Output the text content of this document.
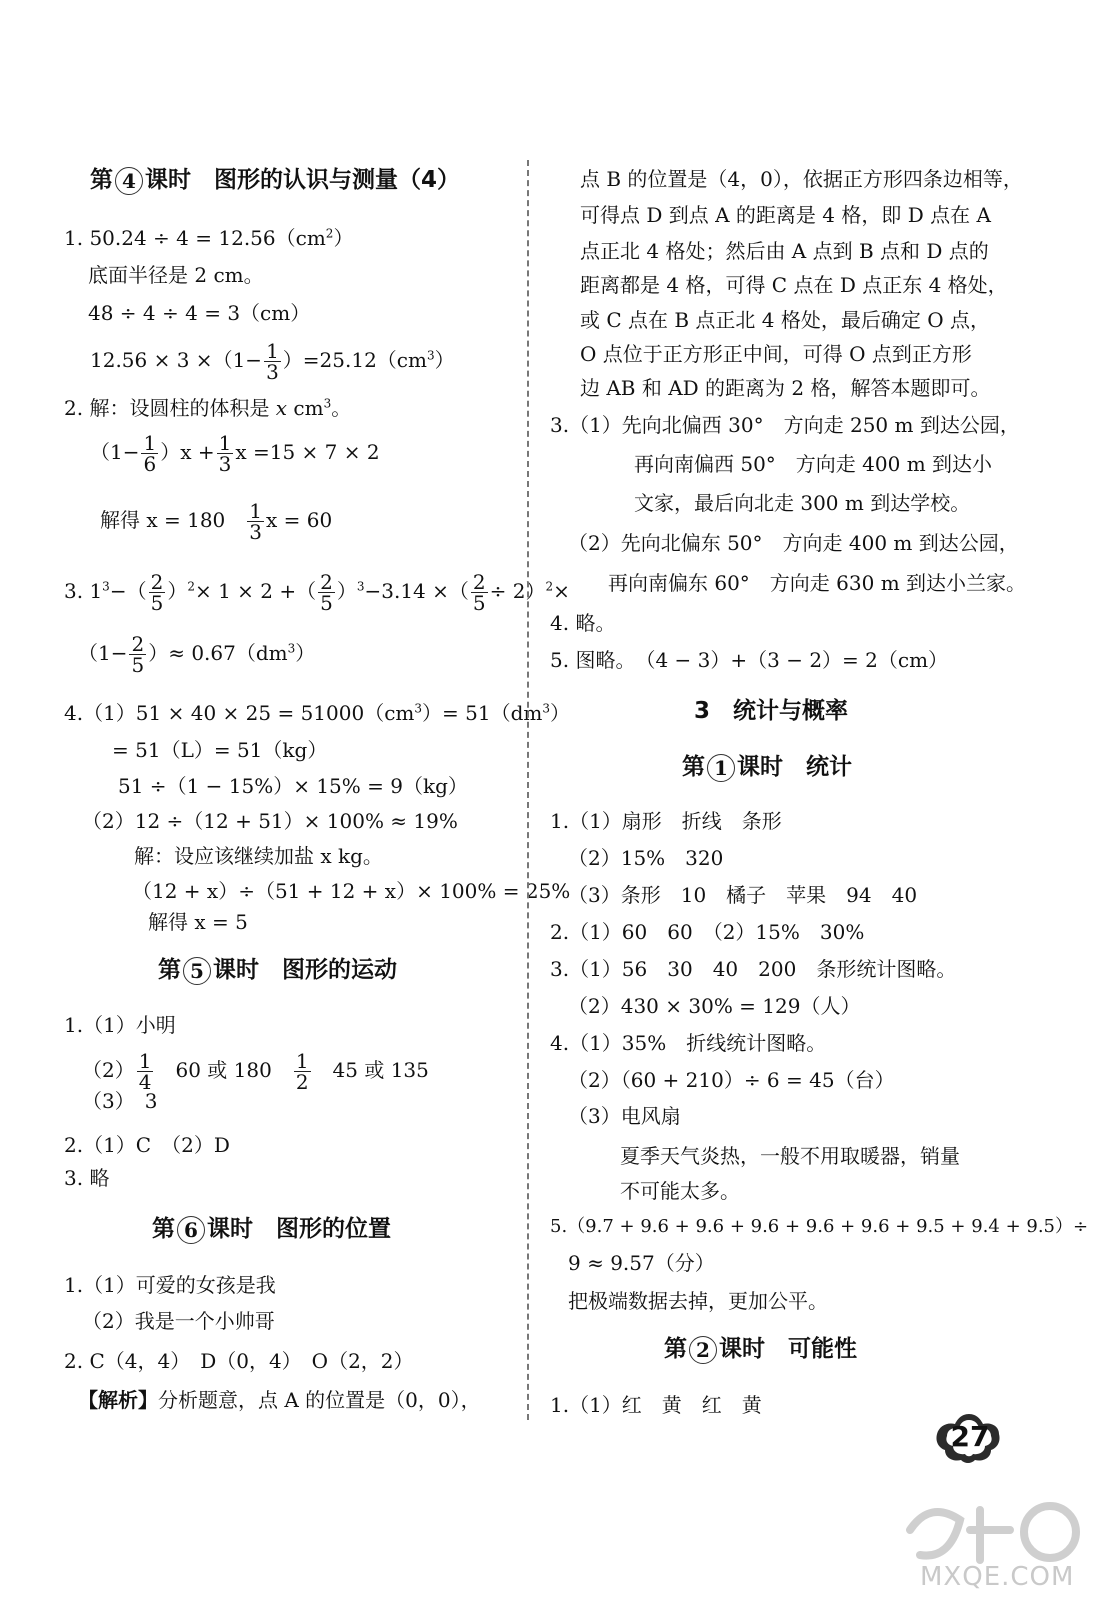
第 4 课时　图形的认识与测量（4）
1. $50.24 \div 4 = 12.56(cm^2)$
底面半径是 2 cm。
48 ÷ 4 ÷ 4 = 3（cm）
$12.56 \times 3 \times(1- \frac{1}{3} )=25.12(cm^3)$
2. 解：设圆柱的体积是 x $cm^3$。
$(1- \frac{1}{6} )x + \frac{1}{3}$ x =15 × 7 × 2
解得 x = 180　 $\frac{1}{3}$ x = 60
3. $1^3-( \frac{2}{5} )^2\times 1 \times 2$ +（ $\frac{2}{5} )^3-3.14$ ×（ $\frac{2}{5} \div 2)^2\times$
（$1- \frac{2}{5}$ ）≈ $0.67(dm^3)$
$4.(1)51 \times 40 \times 25 = 51000(cm^3)= 51(dm^3)$
= 51（L）= 51（kg）
51 ÷（1 − 15%）× 15% = 9（kg）
（2）12 ÷（12 + 51）× 100% ≈ 19%
解：设应该继续加盐 x kg。
（12 + x）÷（51 + 12 + x）× 100% = 25%
解得 x = 5
第 5 课时　图形的运动
1.（1）小明
$(2) \frac{1}{4}$
　 60 或 180　 $\frac{1}{2}$
　 45 或 135
（3）　 3
2.（1）C　（2）D
3. 略
第 6 课时　图形的位置
1.（1）可爱的女孩是我
（2）我是一个小帅哥
2. C（4，4）　D（0，4）　O（2，2）
【解析】分析题意，点 A 的位置是（0，0），
点 B 的位置是（4，0），依据正方形四条边相等，
可得点 D 到点 A 的距离是 4 格，即 D 点在 A
点正北 4 格处；然后由 A 点到 B 点和 D 点的
距离都是 4 格，可得 C 点在 D 点正东 4 格处，
或 C 点在 B 点正北 4 格处，最后确定 O 点，
O 点位于正方形正中间，可得 O 点到正方形
边 AB 和 AD 的距离为 2 格，解答本题即可。
3.（1）先向北偏西 30°　方向走 250 m 到达公园，
再向南偏西 50°　方向走 400 m 到达小
文家，最后向北走 300 m 到达学校。
（2）先向北偏东 50°　方向走 400 m 到达公园，
再向南偏东 60°　方向走 630 m 到达小兰家。
4. 略。
5. 图略。　（4 − 3）+（3 − 2）= 2（cm）
3　统计与概率
第 1 课时　统计
1.（1）扇形　折线　条形
（2）15%　320
（3）条形　10　橘子　苹果　94　40
2.（1）60　60　（2）15%　30%
3.（1）56　30　40　200　条形统计图略。
（2）430 × 30% = 129（人）
4.（1）35%　折线统计图略。
（2）（60 + 210）÷ 6 = 45（台）
（3）电风扇
夏季天气炎热，一般不用取暖器，销量
不可能太多。
5.（9.7 + 9.6 + 9.6 + 9.6 + 9.6 + 9.6 + 9.5 + 9.4 + 9.5）÷
9 ≈ 9.57（分）
把极端数据去掉，更加公平。
第 2 课时　可能性
1.（1）红　黄　红　黄
27
MXQE.COM
